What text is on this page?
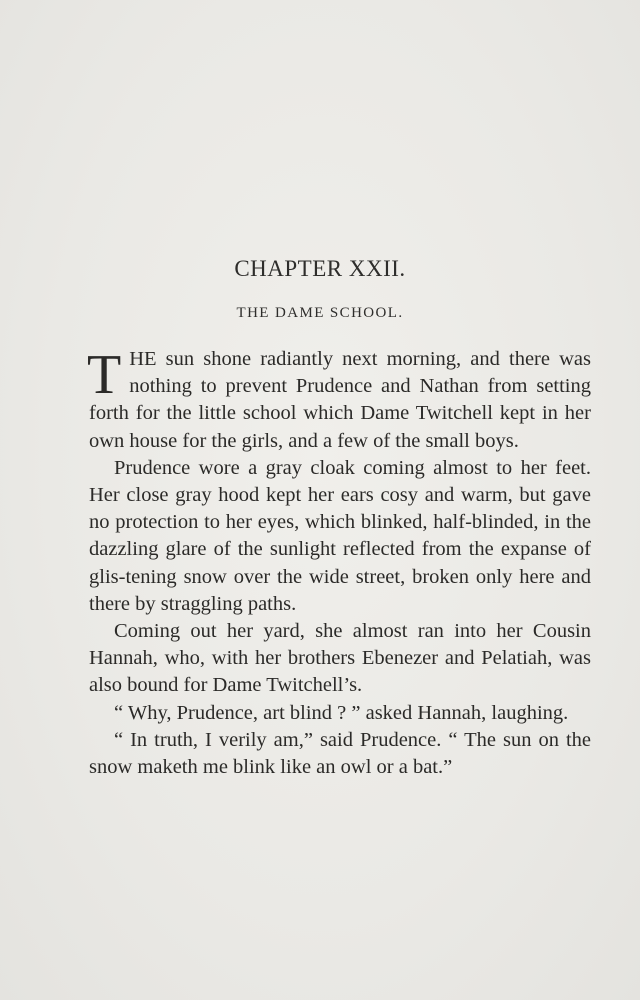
CHAPTER XXII.
THE DAME SCHOOL.

THE sun shone radiantly next morning, and there was nothing to prevent Prudence and Nathan from setting forth for the little school which Dame Twitchell kept in her own house for the girls, and a few of the small boys.

Prudence wore a gray cloak coming almost to her feet. Her close gray hood kept her ears cosy and warm, but gave no protection to her eyes, which blinked, half-blinded, in the dazzling glare of the sunlight reflected from the expanse of glis-tening snow over the wide street, broken only here and there by straggling paths.

Coming out her yard, she almost ran into her Cousin Hannah, who, with her brothers Ebenezer and Pelatiah, was also bound for Dame Twitchell’s.

“ Why, Prudence, art blind ? ” asked Hannah, laughing.

“ In truth, I verily am,” said Prudence. “ The sun on the snow maketh me blink like an owl or a bat.”
